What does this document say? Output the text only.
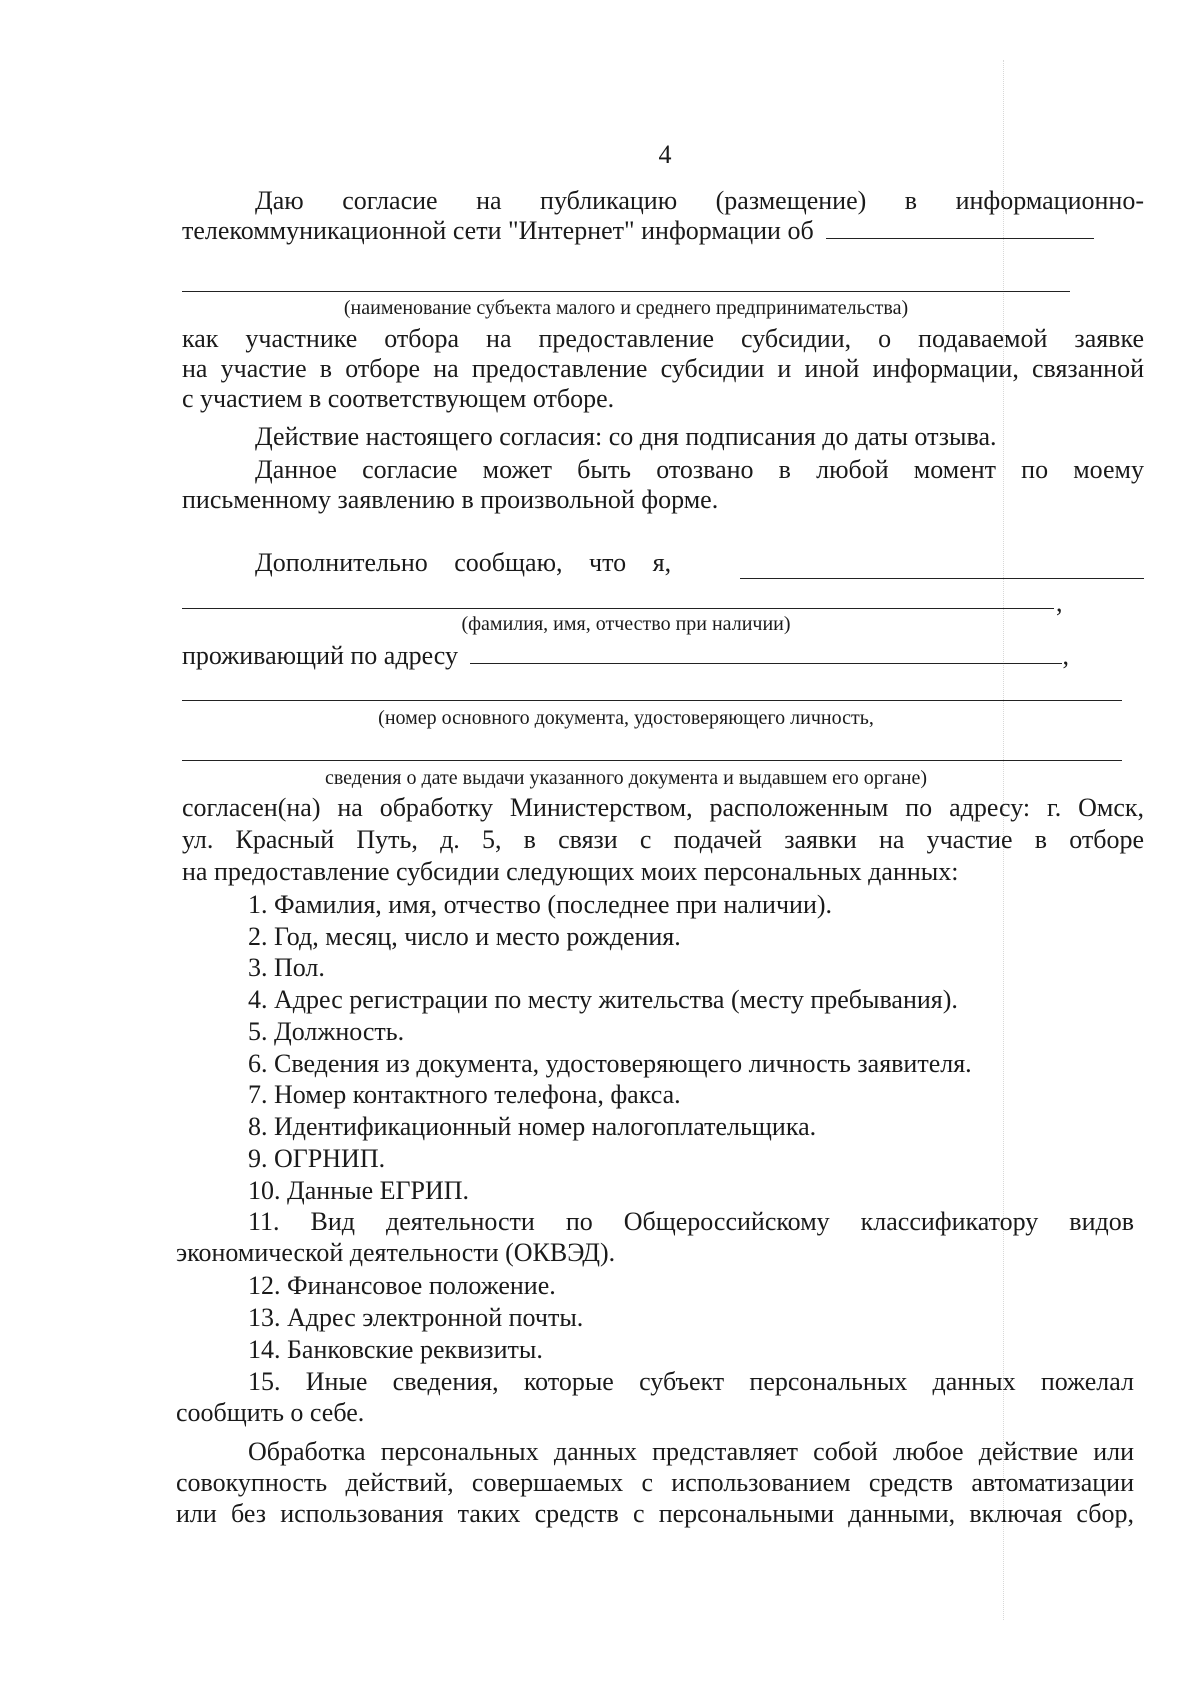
4
Даю согласие на публикацию (размещение) в информационно-
телекоммуникационной сети "Интернет" информации об
(наименование субъекта малого и среднего предпринимательства)
как участнике отбора на предоставление субсидии, о подаваемой заявке
на участие в отборе на предоставление субсидии и иной информации, связанной
с участием в соответствующем отборе.
Действие настоящего согласия: со дня подписания до даты отзыва.
Данное согласие может быть отозвано в любой момент по моему
письменному заявлению в произвольной форме.
Дополнительно сообщаю, что я,
,
(фамилия, имя, отчество при наличии)
проживающий по адресу	,
(номер основного документа, удостоверяющего личность,
сведения о дате выдачи указанного документа и выдавшем его органе)
согласен(на) на обработку Министерством, расположенным по адресу: г. Омск,
ул. Красный Путь, д. 5, в связи с подачей заявки на участие в отборе
на предоставление субсидии следующих моих персональных данных:
1. Фамилия, имя, отчество (последнее при наличии).
2. Год, месяц, число и место рождения.
3. Пол.
4. Адрес регистрации по месту жительства (месту пребывания).
5. Должность.
6. Сведения из документа, удостоверяющего личность заявителя.
7. Номер контактного телефона, факса.
8. Идентификационный номер налогоплательщика.
9. ОГРНИП.
10. Данные ЕГРИП.
11. Вид деятельности по Общероссийскому классификатору видов
экономической деятельности (ОКВЭД).
12. Финансовое положение.
13. Адрес электронной почты.
14. Банковские реквизиты.
15. Иные сведения, которые субъект персональных данных пожелал
сообщить о себе.
Обработка персональных данных представляет собой любое действие или
совокупность действий, совершаемых с использованием средств автоматизации
или без использования таких средств с персональными данными, включая сбор,
